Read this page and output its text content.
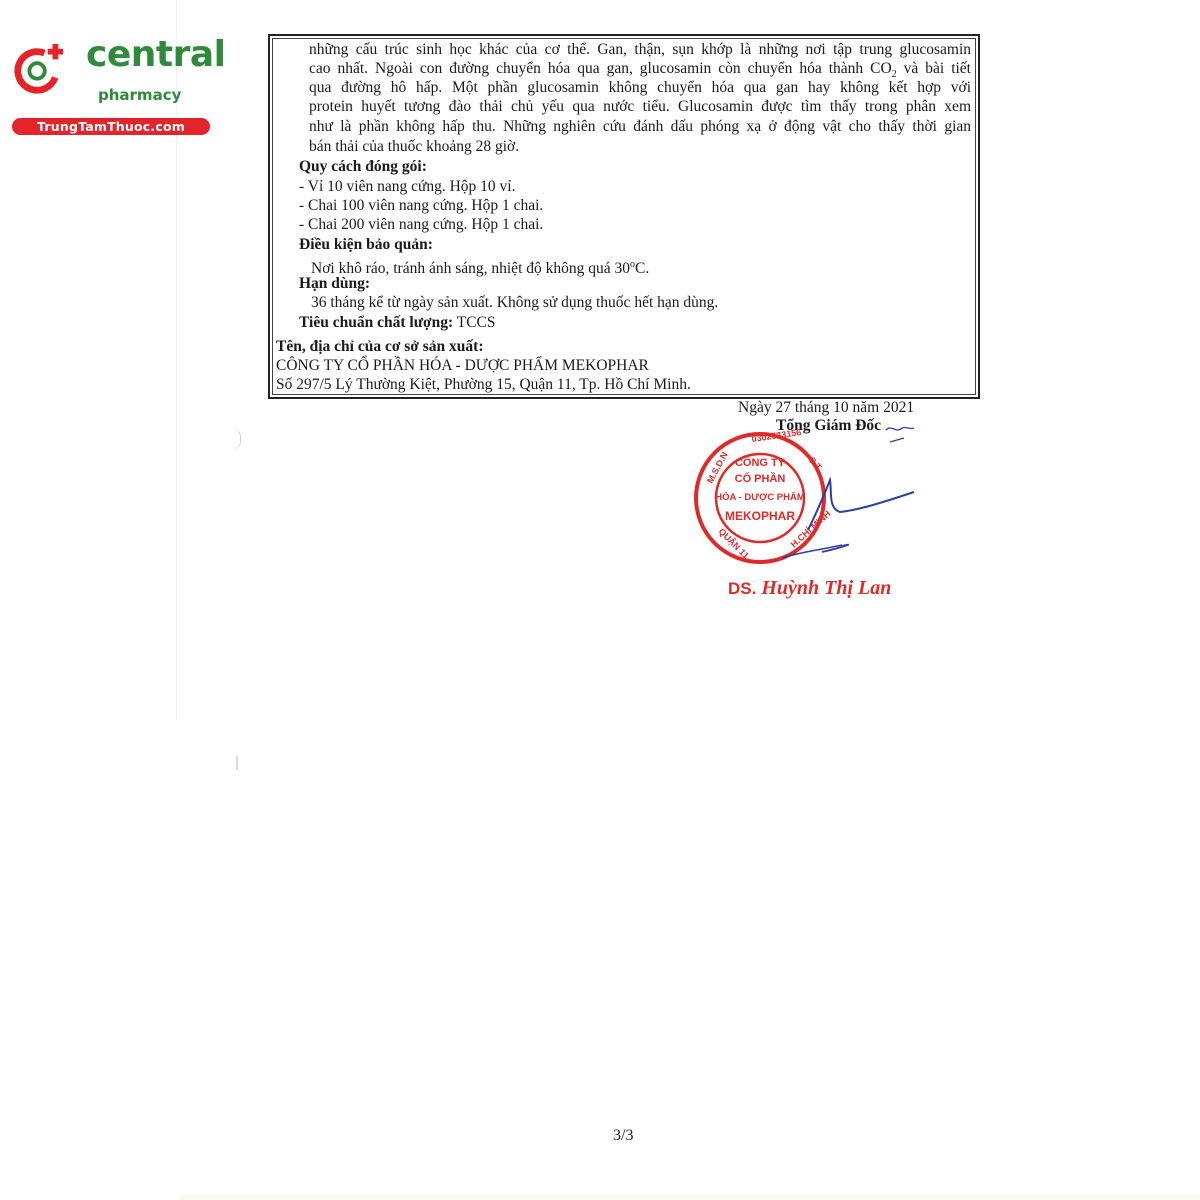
central
pharmacy
TrungTamThuoc.com
những cấu trúc sinh học khác của cơ thể. Gan, thận, sụn khớp là những nơi tập trung glucosamin
cao nhất. Ngoài con đường chuyển hóa qua gan, glucosamin còn chuyển hóa thành $CO_2$ và bài tiết
qua đường hô hấp. Một phần glucosamin không chuyển hóa qua gan hay không kết hợp với
protein huyết tương đào thải chủ yếu qua nước tiểu. Glucosamin được tìm thấy trong phân xem
như là phần không hấp thu. Những nghiên cứu đánh dấu phóng xạ ở động vật cho thấy thời gian
bán thải của thuốc khoảng 28 giờ.
Quy cách đóng gói:
- Vỉ 10 viên nang cứng. Hộp 10 vỉ.
- Chai 100 viên nang cứng. Hộp 1 chai.
- Chai 200 viên nang cứng. Hộp 1 chai.
Điều kiện bảo quản:
Nơi khô ráo, tránh ánh sáng, nhiệt độ không quá 30$^o$C.
Hạn dùng:
36 tháng kể từ ngày sản xuất. Không sử dụng thuốc hết hạn dùng.
Tiêu chuẩn chất lượng: TCCS
Tên, địa chỉ của cơ sở sản xuất:
CÔNG TY CỔ PHẦN HÓA - DƯỢC PHẨM MEKOPHAR
Số 297/5 Lý Thường Kiệt, Phường 15, Quận 11, Tp. Hồ Chí Minh.
Ngày 27 tháng 10 năm 2021
Tổng Giám Đốc
CÔNG TY
CỔ PHẦN
HÓA - DƯỢC PHẨM
MEKOPHAR
M.S.D.N
0302533156
C.T
QUẬN 11	H.CHÍ MINH
DS. Huỳnh Thị Lan
3/3
